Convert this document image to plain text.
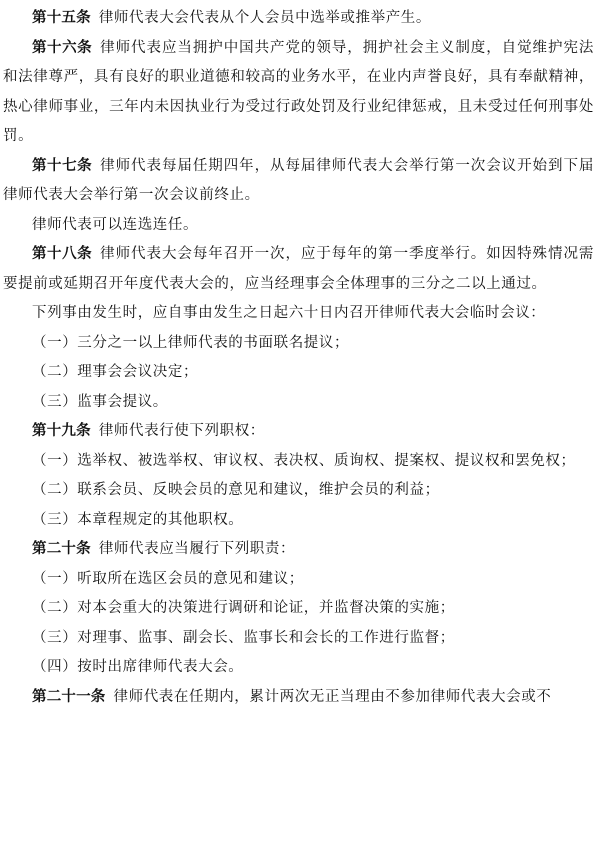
第十五条 律师代表大会代表从个人会员中选举或推举产生。

第十六条 律师代表应当拥护中国共产党的领导，拥护社会主义制度，自觉维护宪法和法律尊严，具有良好的职业道德和较高的业务水平，在业内声誉良好，具有奉献精神，热心律师事业，三年内未因执业行为受过行政处罚及行业纪律惩戒，且未受过任何刑事处罚。

第十七条 律师代表每届任期四年，从每届律师代表大会举行第一次会议开始到下届律师代表大会举行第一次会议前终止。

律师代表可以连选连任。

第十八条 律师代表大会每年召开一次，应于每年的第一季度举行。如因特殊情况需要提前或延期召开年度代表大会的，应当经理事会全体理事的三分之二以上通过。

下列事由发生时，应自事由发生之日起六十日内召开律师代表大会临时会议：

（一）三分之一以上律师代表的书面联名提议；

（二）理事会会议决定；

（三）监事会提议。

第十九条 律师代表行使下列职权：

（一）选举权、被选举权、审议权、表决权、质询权、提案权、提议权和罢免权；

（二）联系会员、反映会员的意见和建议，维护会员的利益；

（三）本章程规定的其他职权。

第二十条 律师代表应当履行下列职责：

（一）听取所在选区会员的意见和建议；

（二）对本会重大的决策进行调研和论证，并监督决策的实施；

（三）对理事、监事、副会长、监事长和会长的工作进行监督；

（四）按时出席律师代表大会。

第二十一条 律师代表在任期内，累计两次无正当理由不参加律师代表大会或不
